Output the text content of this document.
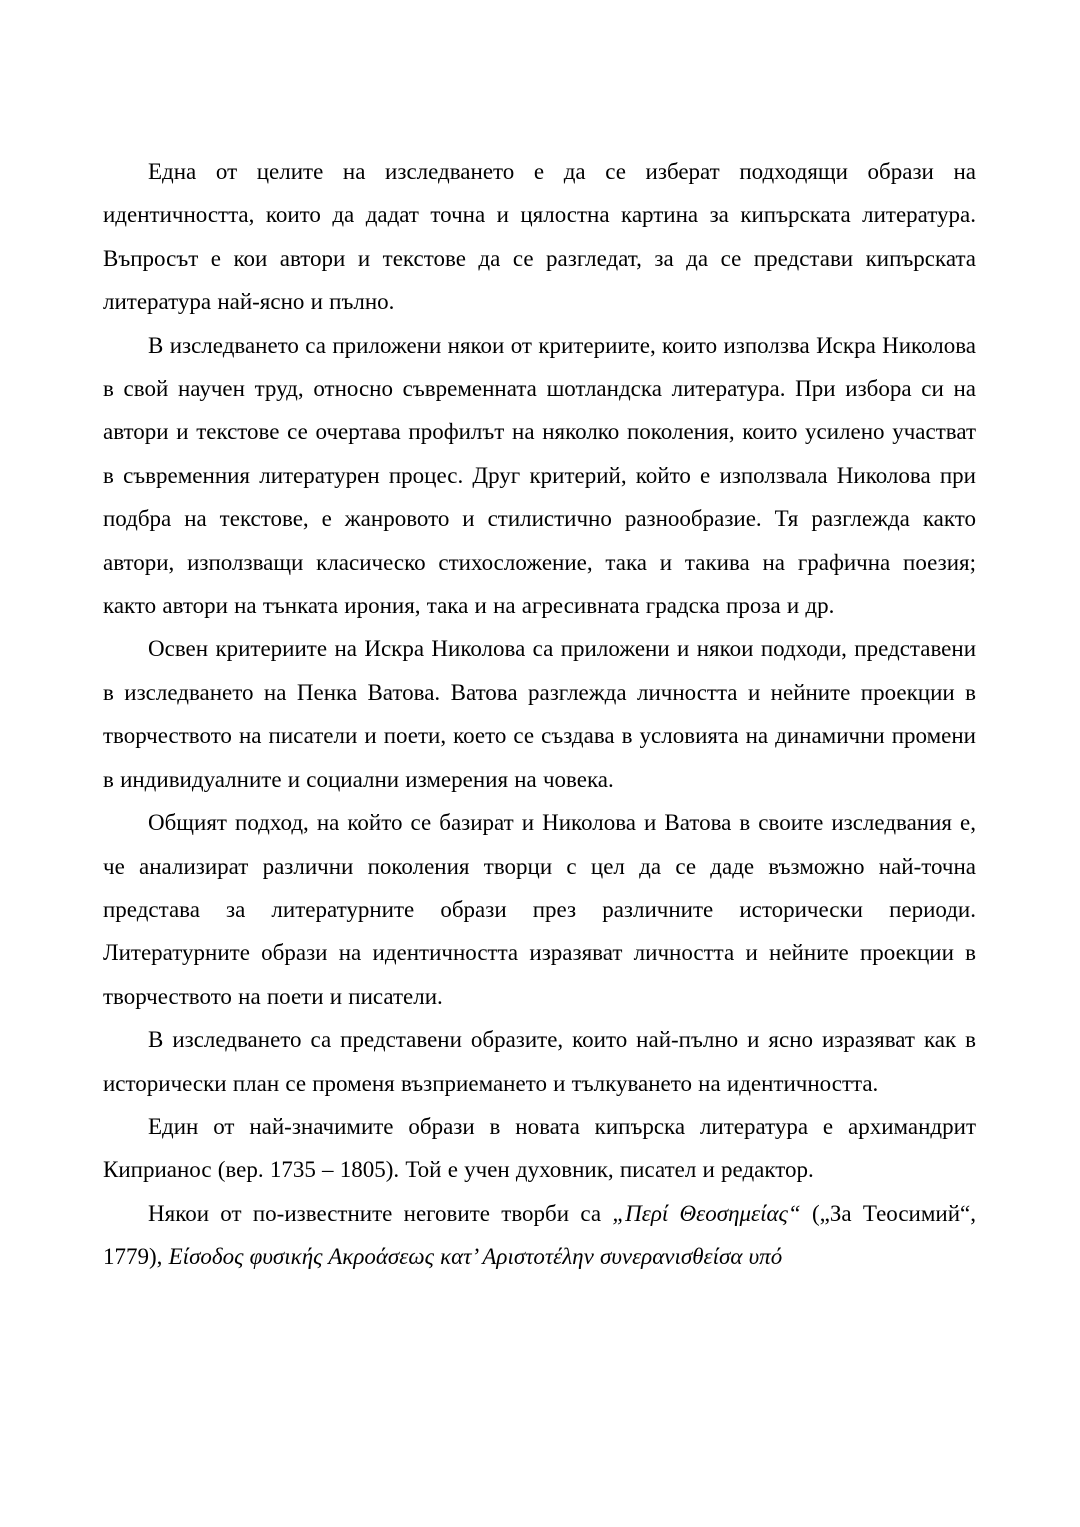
Една от целите на изследването е да се изберат подходящи образи на идентичността, които да дадат точна и цялостна картина за кипърската литература. Въпросът е кои автори и текстове да се разгледат, за да се представи кипърската литература най-ясно и пълно.

В изследването са приложени някои от критериите, които използва Искра Николова в свой научен труд, относно съвременната шотландска литература. При избора си на автори и текстове се очертава профилът на няколко поколения, които усилено участват в съвременния литературен процес. Друг критерий, който е използвала Николова при подбра на текстове, е жанровото и стилистично разнообразие. Тя разглежда както автори, използващи класическо стихосложение, така и такива на графична поезия; както автори на тънката ирония, така и на агресивната градска проза и др.

Освен критериите на Искра Николова са приложени и някои подходи, представени в изследването на Пенка Ватова. Ватова разглежда личността и нейните проекции в творчеството на писатели и поети, което се създава в условията на динамични промени в индивидуалните и социални измерения на човека.

Общият подход, на който се базират и Николова и Ватова в своите изследвания е, че анализират различни поколения творци с цел да се даде възможно най-точна представа за литературните образи през различните исторически периоди. Литературните образи на идентичността изразяват личността и нейните проекции в творчеството на поети и писатели.

В изследването са представени образите, които най-пълно и ясно изразяват как в исторически план се променя възприемането и тълкуването на идентичността.

Един от най-значимите образи в новата кипърска литература е архимандрит Киприанос (вер. 1735 – 1805). Той е учен духовник, писател и редактор.

Някои от по-известните неговите творби са „Περί Θεοσημείας“ („За Теосимий“, 1779), Είσοδος φυσικής Ακροάσεως κατ’ Αριστοτέλην συνερανισθείσα υπό
